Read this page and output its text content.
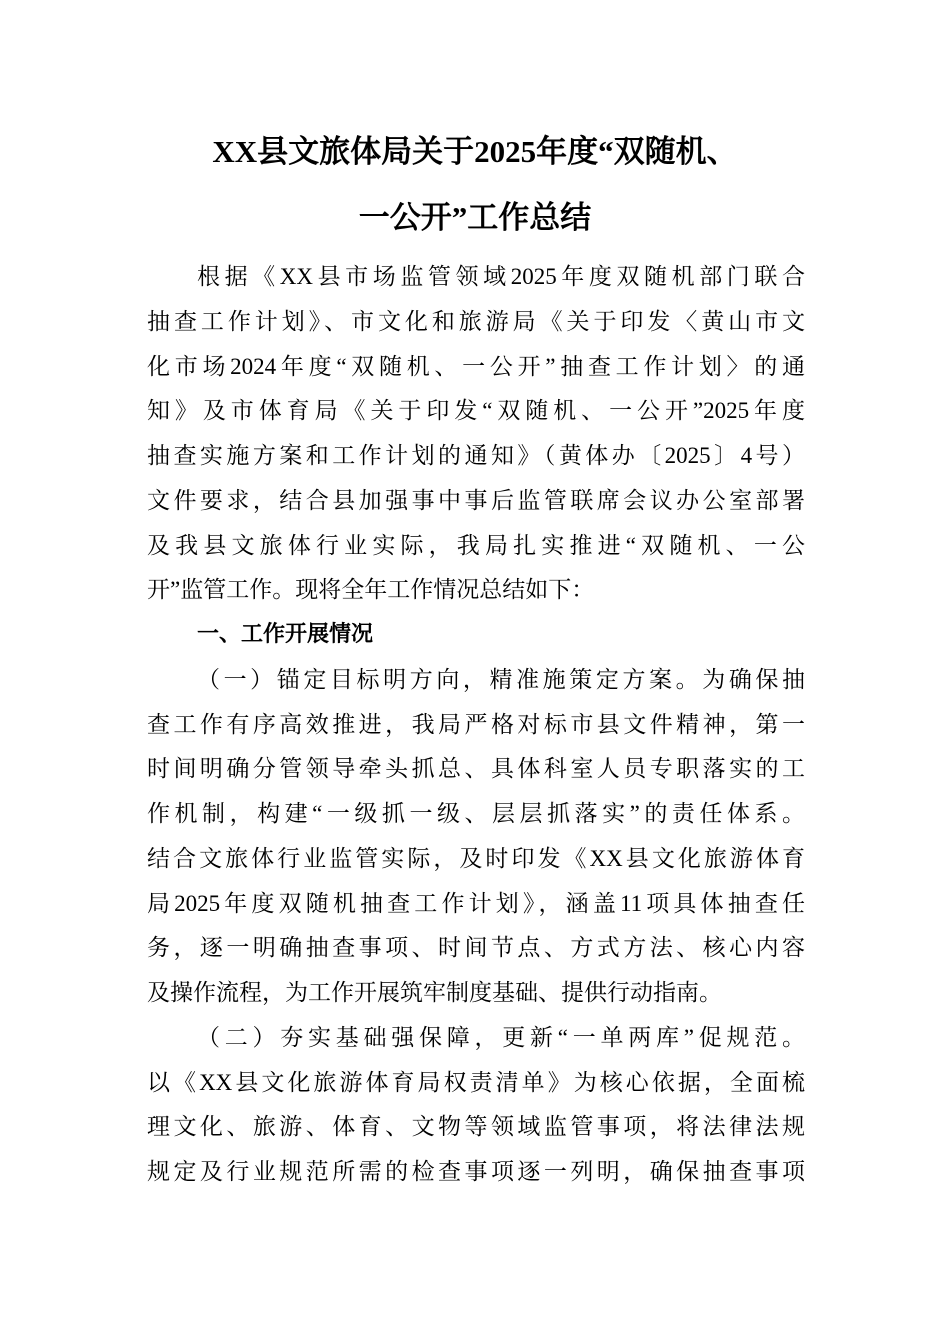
XX县文旅体局关于2025年度“双随机、
一公开”工作总结
根据《XX县市场监管领域2025年度双随机部门联合
抽查工作计划》、市文化和旅游局《关于印发〈黄山市文
化市场2024年度“双随机、一公开”抽查工作计划〉的通
知》及市体育局《关于印发“双随机、一公开”2025年度
抽查实施方案和工作计划的通知》（黄体办〔2025〕4号）
文件要求，结合县加强事中事后监管联席会议办公室部署
及我县文旅体行业实际，我局扎实推进“双随机、一公
开”监管工作。现将全年工作情况总结如下：
一、工作开展情况
（一）锚定目标明方向，精准施策定方案。为确保抽
查工作有序高效推进，我局严格对标市县文件精神，第一
时间明确分管领导牵头抓总、具体科室人员专职落实的工
作机制，构建“一级抓一级、层层抓落实”的责任体系。
结合文旅体行业监管实际，及时印发《XX县文化旅游体育
局2025年度双随机抽查工作计划》，涵盖11项具体抽查任
务，逐一明确抽查事项、时间节点、方式方法、核心内容
及操作流程，为工作开展筑牢制度基础、提供行动指南。
（二）夯实基础强保障，更新“一单两库”促规范。
以《XX县文化旅游体育局权责清单》为核心依据，全面梳
理文化、旅游、体育、文物等领域监管事项，将法律法规
规定及行业规范所需的检查事项逐一列明，确保抽查事项
